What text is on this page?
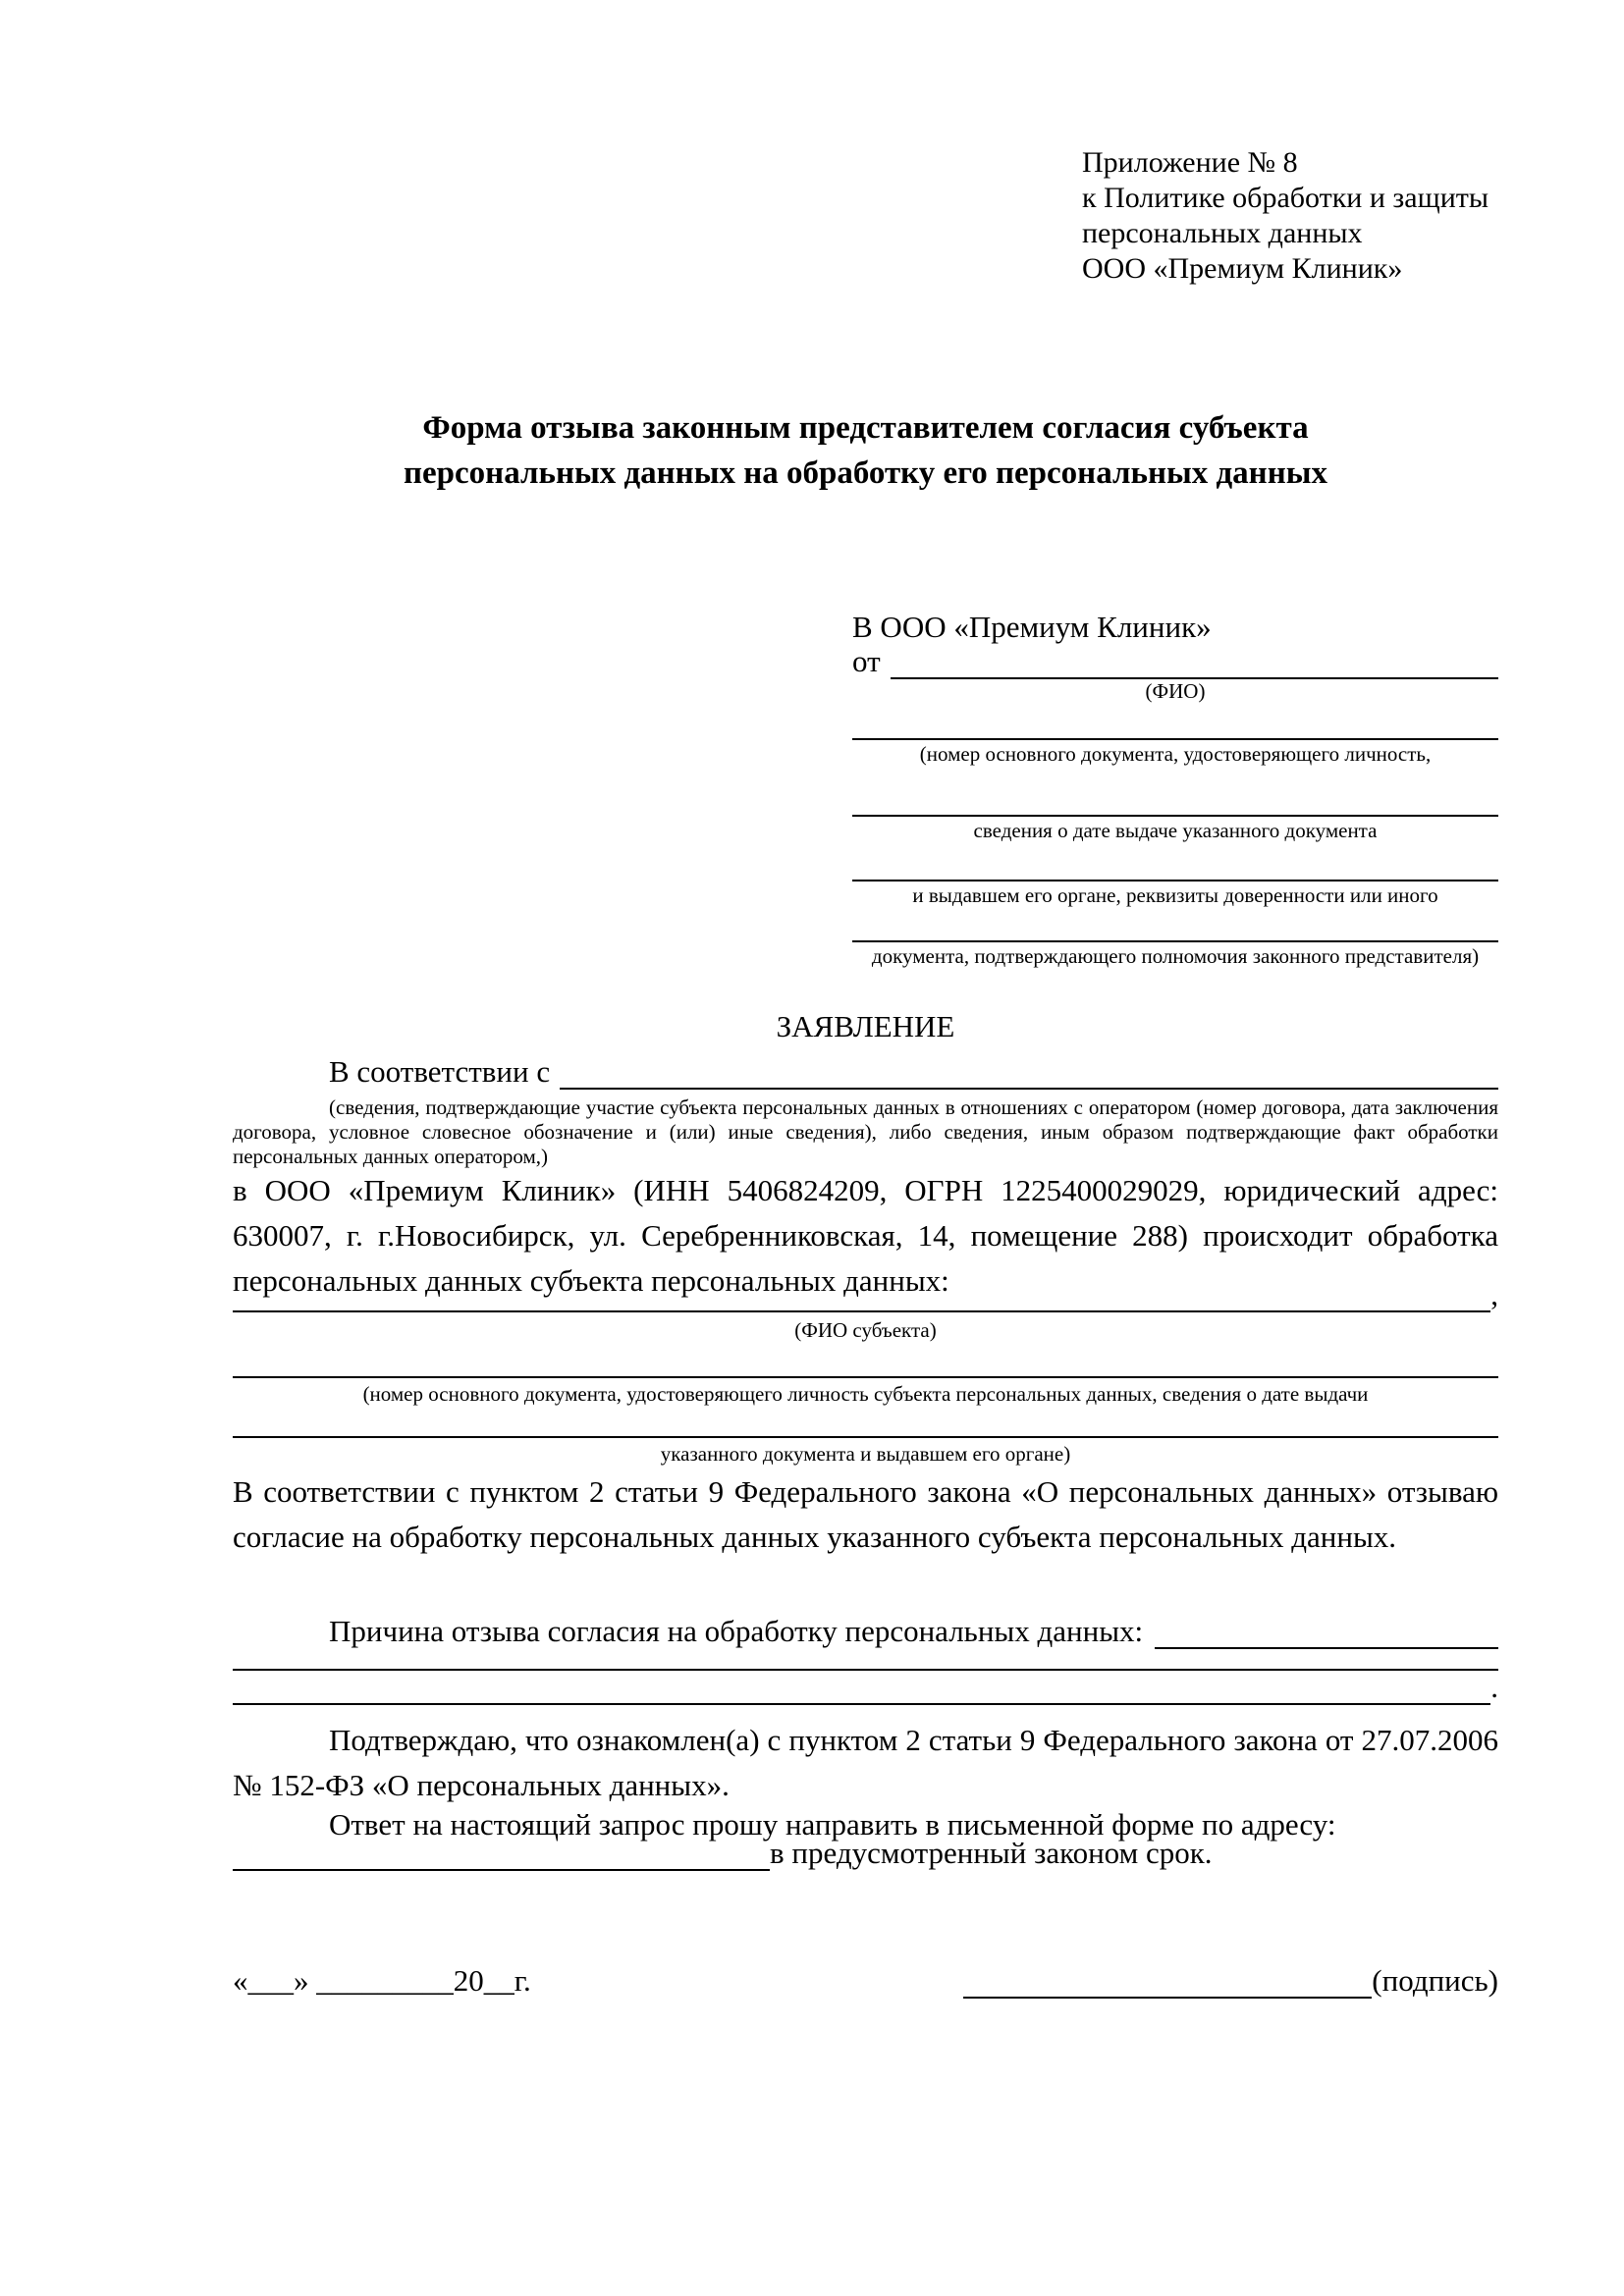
Приложение № 8
к Политике обработки и защиты
персональных данных
ООО «Премиум Клиник»
Форма отзыва законным представителем согласия субъекта
персональных данных на обработку его персональных данных
В ООО «Премиум Клиник»
от
(ФИО)
(номер основного документа, удостоверяющего личность,
сведения о дате выдаче указанного документа
и выдавшем его органе, реквизиты доверенности или иного
документа, подтверждающего полномочия законного представителя)
ЗАЯВЛЕНИЕ
В соответствии с
(сведения, подтверждающие участие субъекта персональных данных в отношениях с оператором (номер договора, дата заключения договора, условное словесное обозначение и (или) иные сведения), либо сведения, иным образом подтверждающие факт обработки персональных данных оператором,)
в ООО «Премиум Клиник» (ИНН 5406824209, ОГРН 1225400029029, юридический адрес: 630007, г. г.Новосибирск, ул. Серебренниковская, 14, помещение 288) происходит обработка персональных данных субъекта персональных данных:	,
(ФИО субъекта)
(номер основного документа, удостоверяющего личность субъекта персональных данных, сведения о дате выдачи
указанного документа и выдавшем его органе)
В соответствии с пунктом 2 статьи 9 Федерального закона «О персональных данных» отзываю согласие на обработку персональных данных указанного субъекта персональных данных.
Причина отзыва согласия на обработку персональных данных:
.
Подтверждаю, что ознакомлен(а) с пунктом 2 статьи 9 Федерального закона от 27.07.2006 № 152-ФЗ «О персональных данных».
Ответ на настоящий запрос прошу направить в письменной форме по адресу:
в предусмотренный законом срок.
«___» _________20__г.	(подпись)
